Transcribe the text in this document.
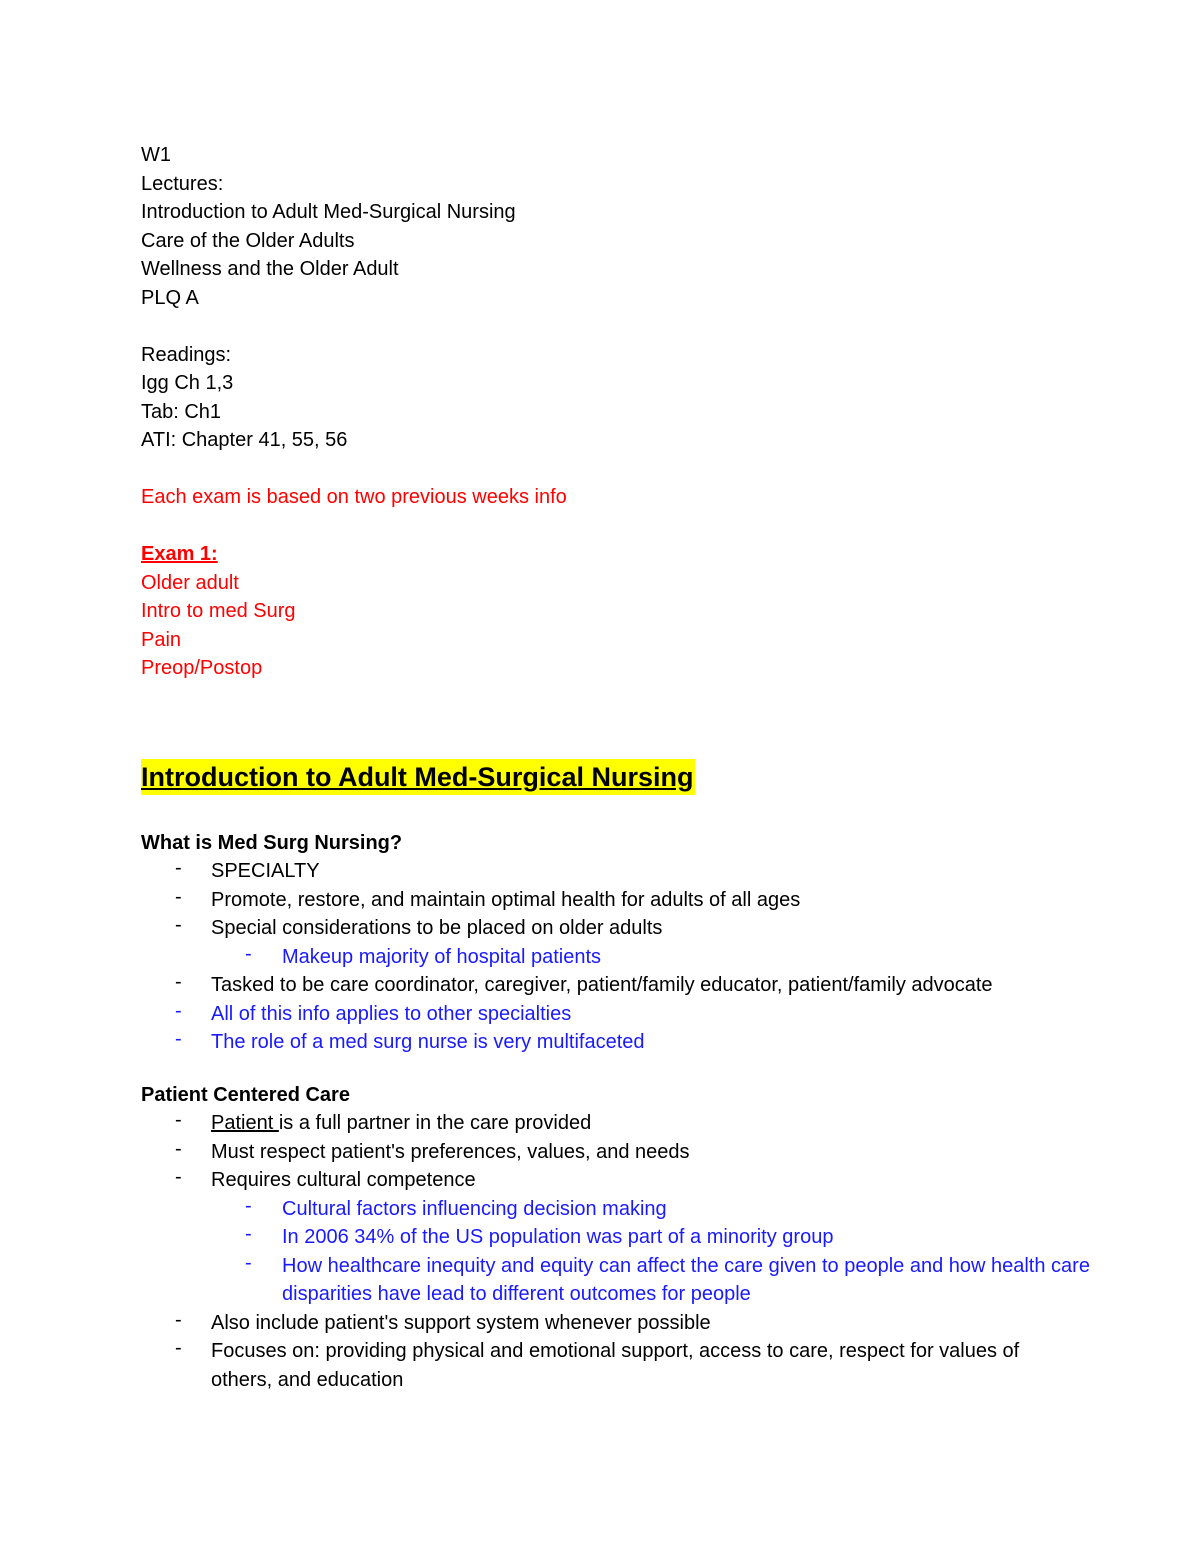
W1
Lectures:
Introduction to Adult Med-Surgical Nursing
Care of the Older Adults
Wellness and the Older Adult
PLQ A
Readings:
Igg Ch 1,3
Tab: Ch1
ATI: Chapter 41, 55, 56
Each exam is based on two previous weeks info
Exam 1:
Older adult
Intro to med Surg
Pain
Preop/Postop
Introduction to Adult Med-Surgical Nursing
What is Med Surg Nursing?
-	SPECIALTY
-	Promote, restore, and maintain optimal health for adults of all ages
-	Special considerations to be placed on older adults
-	Makeup majority of hospital patients
-	Tasked to be care coordinator, caregiver, patient/family educator, patient/family advocate
-	All of this info applies to other specialties
-	The role of a med surg nurse is very multifaceted
Patient Centered Care
-	Patient is a full partner in the care provided
-	Must respect patient's preferences, values, and needs
-	Requires cultural competence
-	Cultural factors influencing decision making
-	In 2006 34% of the US population was part of a minority group
-	How healthcare inequity and equity can affect the care given to people and how health care disparities have lead to different outcomes for people
-	Also include patient's support system whenever possible
-	Focuses on: providing physical and emotional support, access to care, respect for values of others, and education
